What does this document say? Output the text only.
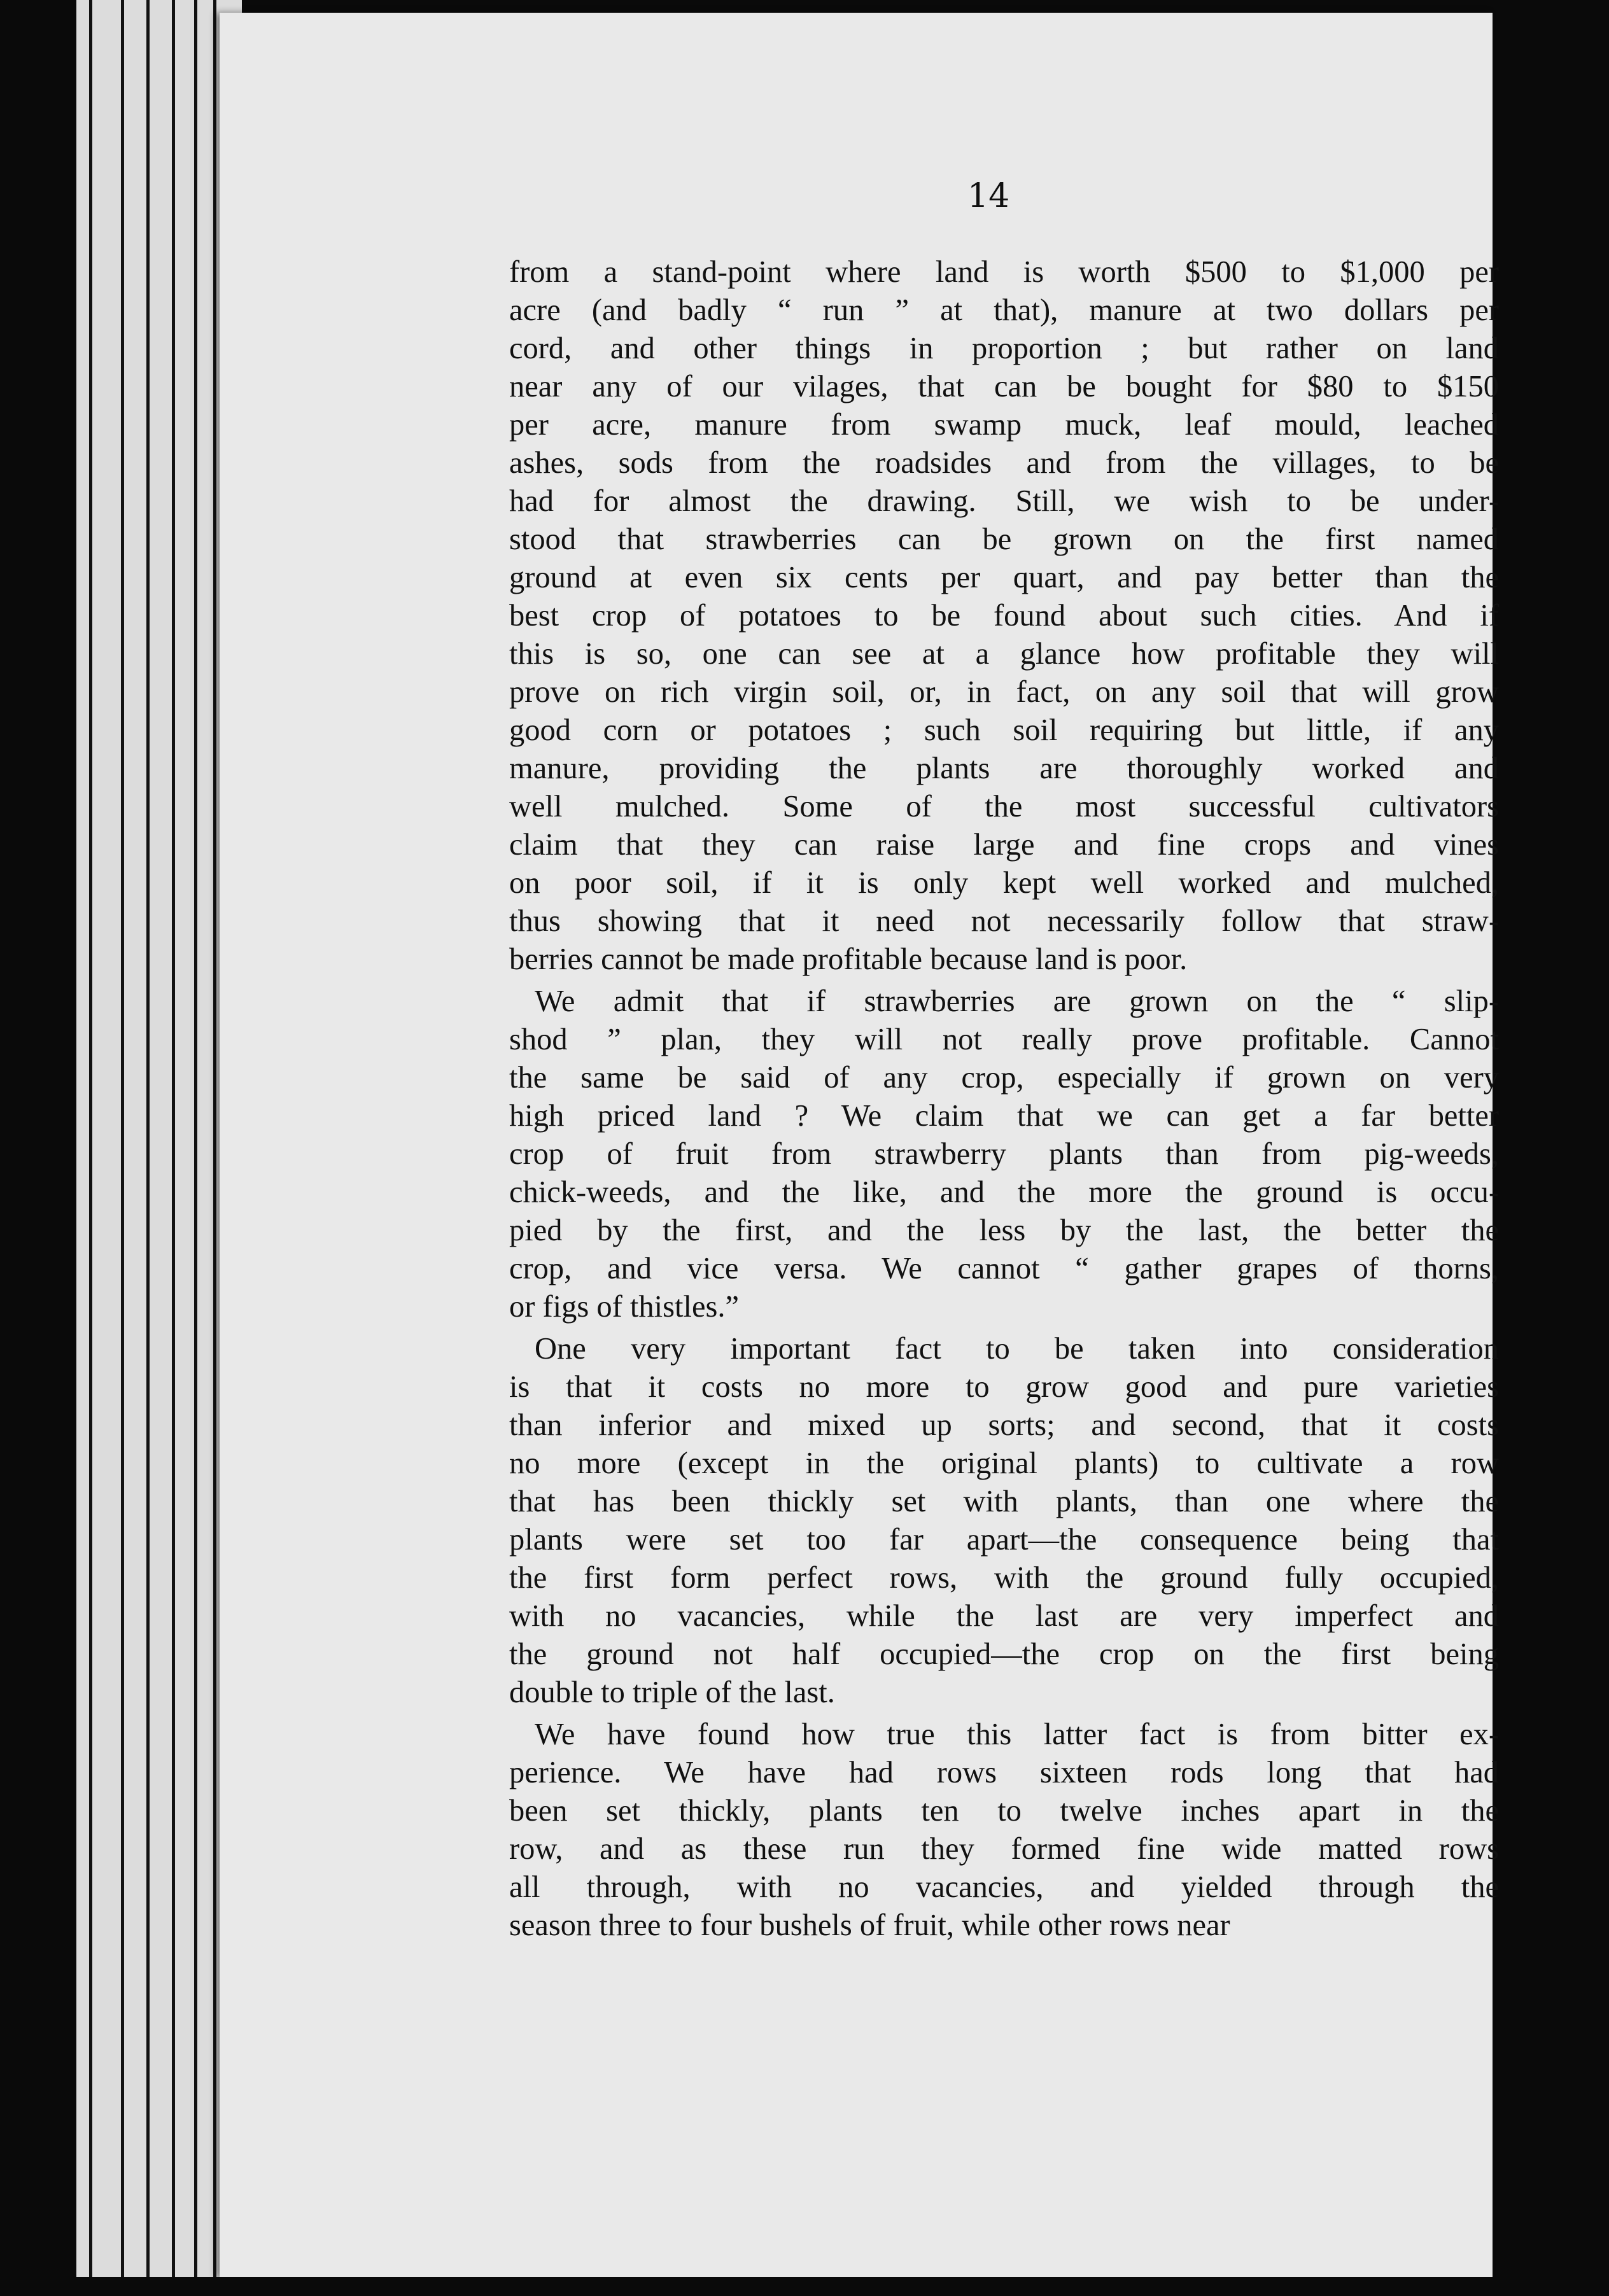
14
from a stand-point where land is worth $500 to $1,000 per
acre (and badly “ run ” at that), manure at two dollars per
cord, and other things in proportion ; but rather on land
near any of our vilages, that can be bought for $80 to $150
per acre, manure from swamp muck, leaf mould, leached
ashes, sods from the roadsides and from the villages, to be
had for almost the drawing. Still, we wish to be under-
stood that strawberries can be grown on the first named
ground at even six cents per quart, and pay better than the
best crop of potatoes to be found about such cities. And if
this is so, one can see at a glance how profitable they will
prove on rich virgin soil, or, in fact, on any soil that will grow
good corn or potatoes ; such soil requiring but little, if any
manure, providing the plants are thoroughly worked and
well mulched. Some of the most successful cultivators
claim that they can raise large and fine crops and vines
on poor soil, if it is only kept well worked and mulched,
thus showing that it need not necessarily follow that straw-
berries cannot be made profitable because land is poor.
We admit that if strawberries are grown on the “ slip-
shod ” plan, they will not really prove profitable. Cannot
the same be said of any crop, especially if grown on very
high priced land ? We claim that we can get a far better
crop of fruit from strawberry plants than from pig-weeds,
chick-weeds, and the like, and the more the ground is occu-
pied by the first, and the less by the last, the better the
crop, and vice versa. We cannot “ gather grapes of thorns,
or figs of thistles.”
One very important fact to be taken into consideration
is that it costs no more to grow good and pure varieties
than inferior and mixed up sorts; and second, that it costs
no more (except in the original plants) to cultivate a row
that has been thickly set with plants, than one where the
plants were set too far apart—the consequence being that
the first form perfect rows, with the ground fully occupied,
with no vacancies, while the last are very imperfect and
the ground not half occupied—the crop on the first being
double to triple of the last.
We have found how true this latter fact is from bitter ex-
perience. We have had rows sixteen rods long that had
been set thickly, plants ten to twelve inches apart in the
row, and as these run they formed fine wide matted rows
all through, with no vacancies, and yielded through the
season three to four bushels of fruit, while other rows near
